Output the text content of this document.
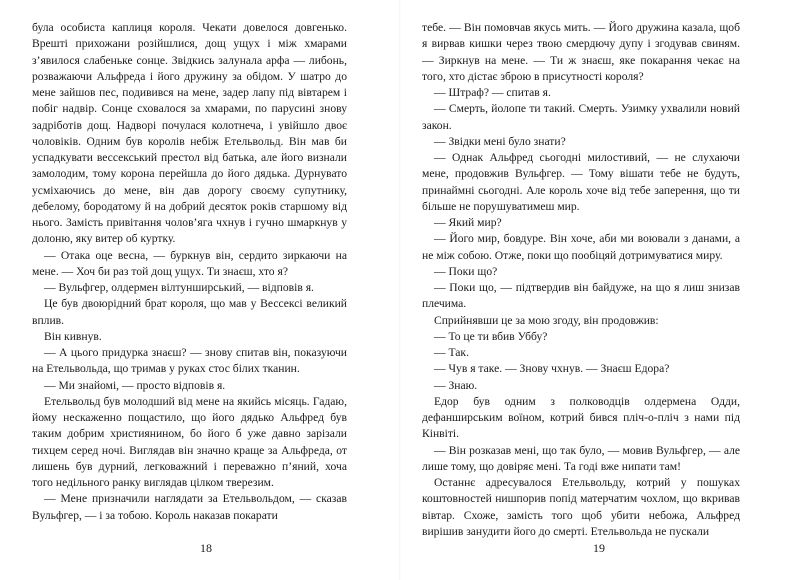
була особиста каплиця короля. Чекати довелося довгенько. Врешті прихожани розійшлися, дощ ущух і між хмарами з’явилося слабеньке сонце. Звідкись залунала арфа — либонь, розважаючи Альфреда і його дружину за обідом. У шатро до мене зайшов пес, подивився на мене, задер лапу під вівтарем і побіг надвір. Сонце сховалося за хмарами, по парусині знову задріботів дощ. Надворі почулася колотнеча, і увійшло двоє чоловіків. Одним був королів небіж Етельвольд. Він мав би успадкувати вессекський престол від батька, але його визнали замолодим, тому корона перейшла до його дядька. Дурнувато усміхаючись до мене, він дав дорогу своєму супутнику, дебелому, бородатому й на добрий десяток років старшому від нього. Замість привітання чолов’яга чхнув і гучно шмаркнув у долоню, яку витер об куртку.

— Отака оце весна, — буркнув він, сердито зиркаючи на мене. — Хоч би раз той дощ ущух. Ти знаєш, хто я?

— Вульфгер, олдермен вілтунширський, — відповів я.

Це був двоюрідний брат короля, що мав у Вессексі великий вплив.

Він кивнув.

— А цього придурка знаєш? — знову спитав він, показуючи на Етельвольда, що тримав у руках стос білих тканин.

— Ми знайомі, — просто відповів я.

Етельвольд був молодший від мене на якийсь місяць. Гадаю, йому нескаженно пощастило, що його дядько Альфред був таким добрим християнином, бо його б уже давно зарізали тихцем серед ночі. Виглядав він значно краще за Альфреда, от лишень був дурний, легковажний і переважно п’яний, хоча того недільного ранку виглядав цілком тверезим.

— Мене призначили наглядати за Етельвольдом, — сказав Вульфгер, — і за тобою. Король наказав покарати

тебе. — Він помовчав якусь мить. — Його дружина казала, щоб я вирвав кишки через твою смердючу дупу і згодував свиням. — Зиркнув на мене. — Ти ж знаєш, яке покарання чекає на того, хто дістає зброю в присутності короля?

— Штраф? — спитав я.

— Смерть, йолопе ти такий. Смерть. Узимку ухвалили новий закон.

— Звідки мені було знати?

— Однак Альфред сьогодні милостивий, — не слухаючи мене, продовжив Вульфгер. — Тому вішати тебе не будуть, принаймні сьогодні. Але король хоче від тебе заперення, що ти більше не порушуватимеш мир.

— Який мир?

— Його мир, бовдуре. Він хоче, аби ми воювали з данами, а не між собою. Отже, поки що пообіцяй дотримуватися миру.

— Поки що?

— Поки що, — підтвердив він байдуже, на що я лиш знизав плечима.

Сприйнявши це за мою згоду, він продовжив:

— То це ти вбив Уббу?

— Так.

— Чув я таке. — Знову чхнув. — Знаєш Едора?

— Знаю.

Едор був одним з полководців олдермена Одди, дефанширським воїном, котрий бився пліч-о-пліч з нами під Кінвіті.

— Він розказав мені, що так було, — мовив Вульфгер, — але лише тому, що довіряє мені. Та годі вже нипати там!

Останнє адресувалося Етельвольду, котрий у пошуках коштовностей нишпорив попід матерчатим чохлом, що вкривав вівтар. Схоже, замість того щоб убити небожа, Альфред вирішив занудити його до смерті. Етельвольда не пускали

18	19
